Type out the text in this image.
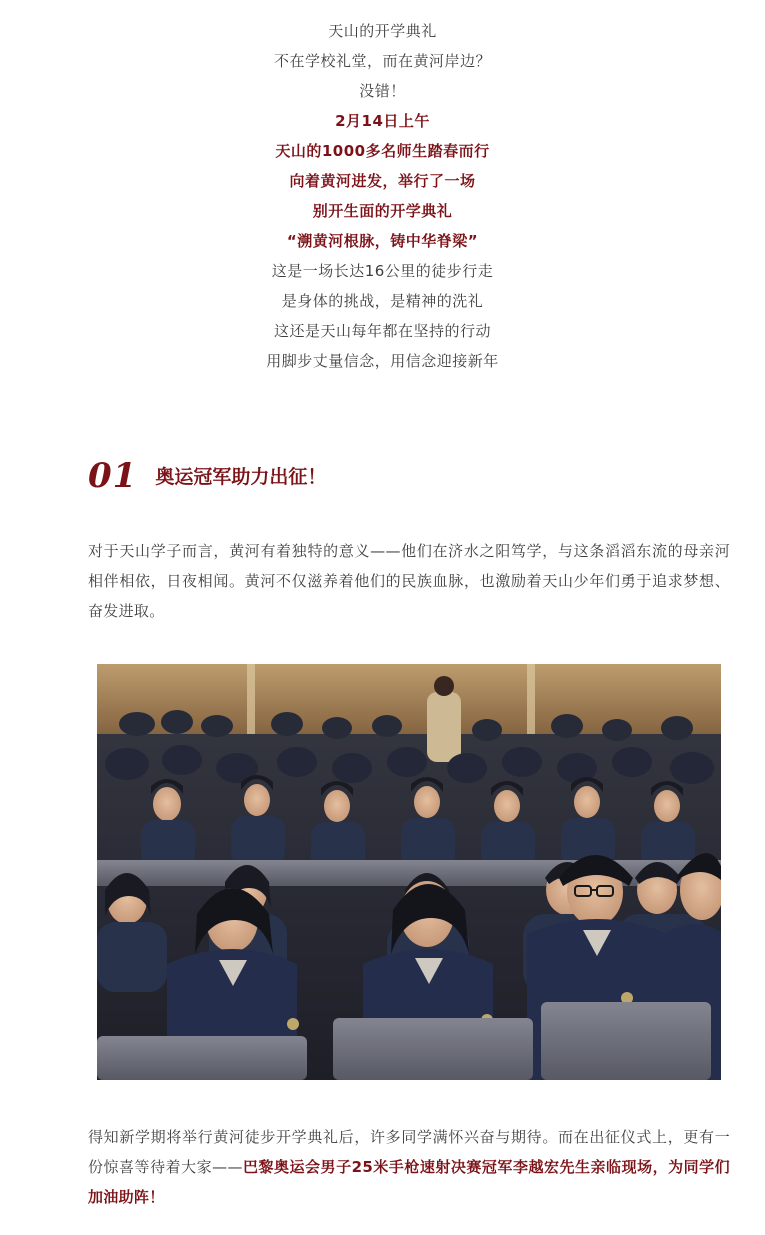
天山的开学典礼
不在学校礼堂，而在黄河岸边？
没错！
2月14日上午
天山的1000多名师生踏春而行
向着黄河进发，举行了一场
别开生面的开学典礼
“溯黄河根脉，铸中华脊梁”
这是一场长达16公里的徒步行走
是身体的挑战，是精神的洗礼
这还是天山每年都在坚持的行动
用脚步丈量信念，用信念迎接新年
01 奥运冠军助力出征！

对于天山学子而言，黄河有着独特的意义——他们在济水之阳笃学，与这条滔滔东流的母亲河相伴相依，日夜相闻。黄河不仅滋养着他们的民族血脉，也激励着天山少年们勇于追求梦想、奋发进取。

得知新学期将举行黄河徒步开学典礼后，许多同学满怀兴奋与期待。而在出征仪式上，更有一份惊喜等待着大家——巴黎奥运会男子25米手枪速射决赛冠军李越宏先生亲临现场，为同学们加油助阵！
